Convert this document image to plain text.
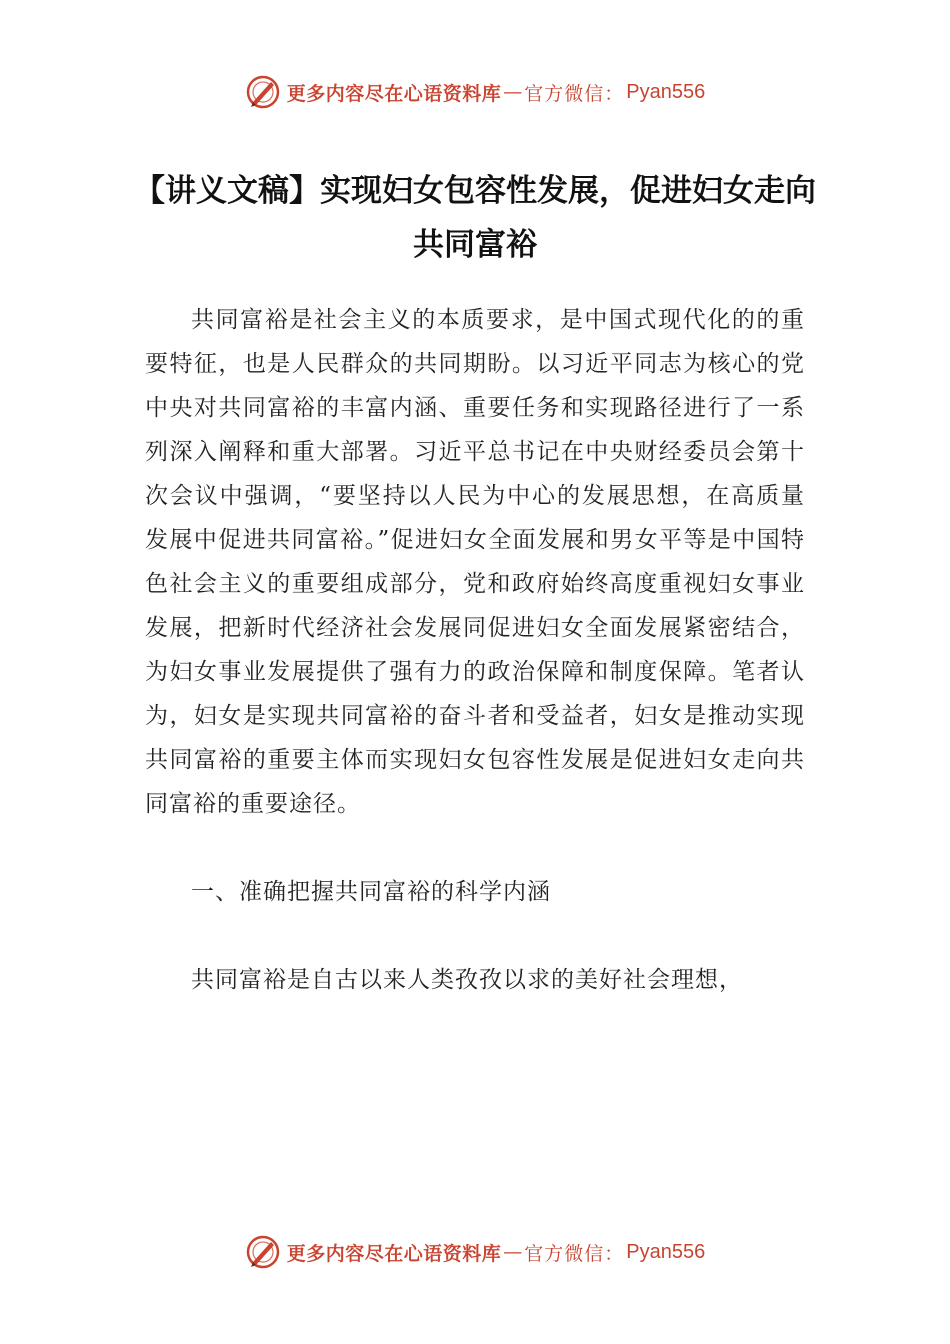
更多内容尽在心语资料库 — 官方微信： Pyan556
【讲义文稿】实现妇女包容性发展，促进妇女走向共同富裕

共同富裕是社会主义的本质要求，是中国式现代化的的重要特征，也是人民群众的共同期盼。以习近平同志为核心的党中央对共同富裕的丰富内涵、重要任务和实现路径进行了一系列深入阐释和重大部署。习近平总书记在中央财经委员会第十次会议中强调，“要坚持以人民为中心的发展思想，在高质量发展中促进共同富裕。”促进妇女全面发展和男女平等是中国特色社会主义的重要组成部分，党和政府始终高度重视妇女事业发展，把新时代经济社会发展同促进妇女全面发展紧密结合，为妇女事业发展提供了强有力的政治保障和制度保障。笔者认为，妇女是实现共同富裕的奋斗者和受益者，妇女是推动实现共同富裕的重要主体而实现妇女包容性发展是促进妇女走向共同富裕的重要途径。

一、准确把握共同富裕的科学内涵

共同富裕是自古以来人类孜孜以求的美好社会理想，

更多内容尽在心语资料库 — 官方微信： Pyan556
